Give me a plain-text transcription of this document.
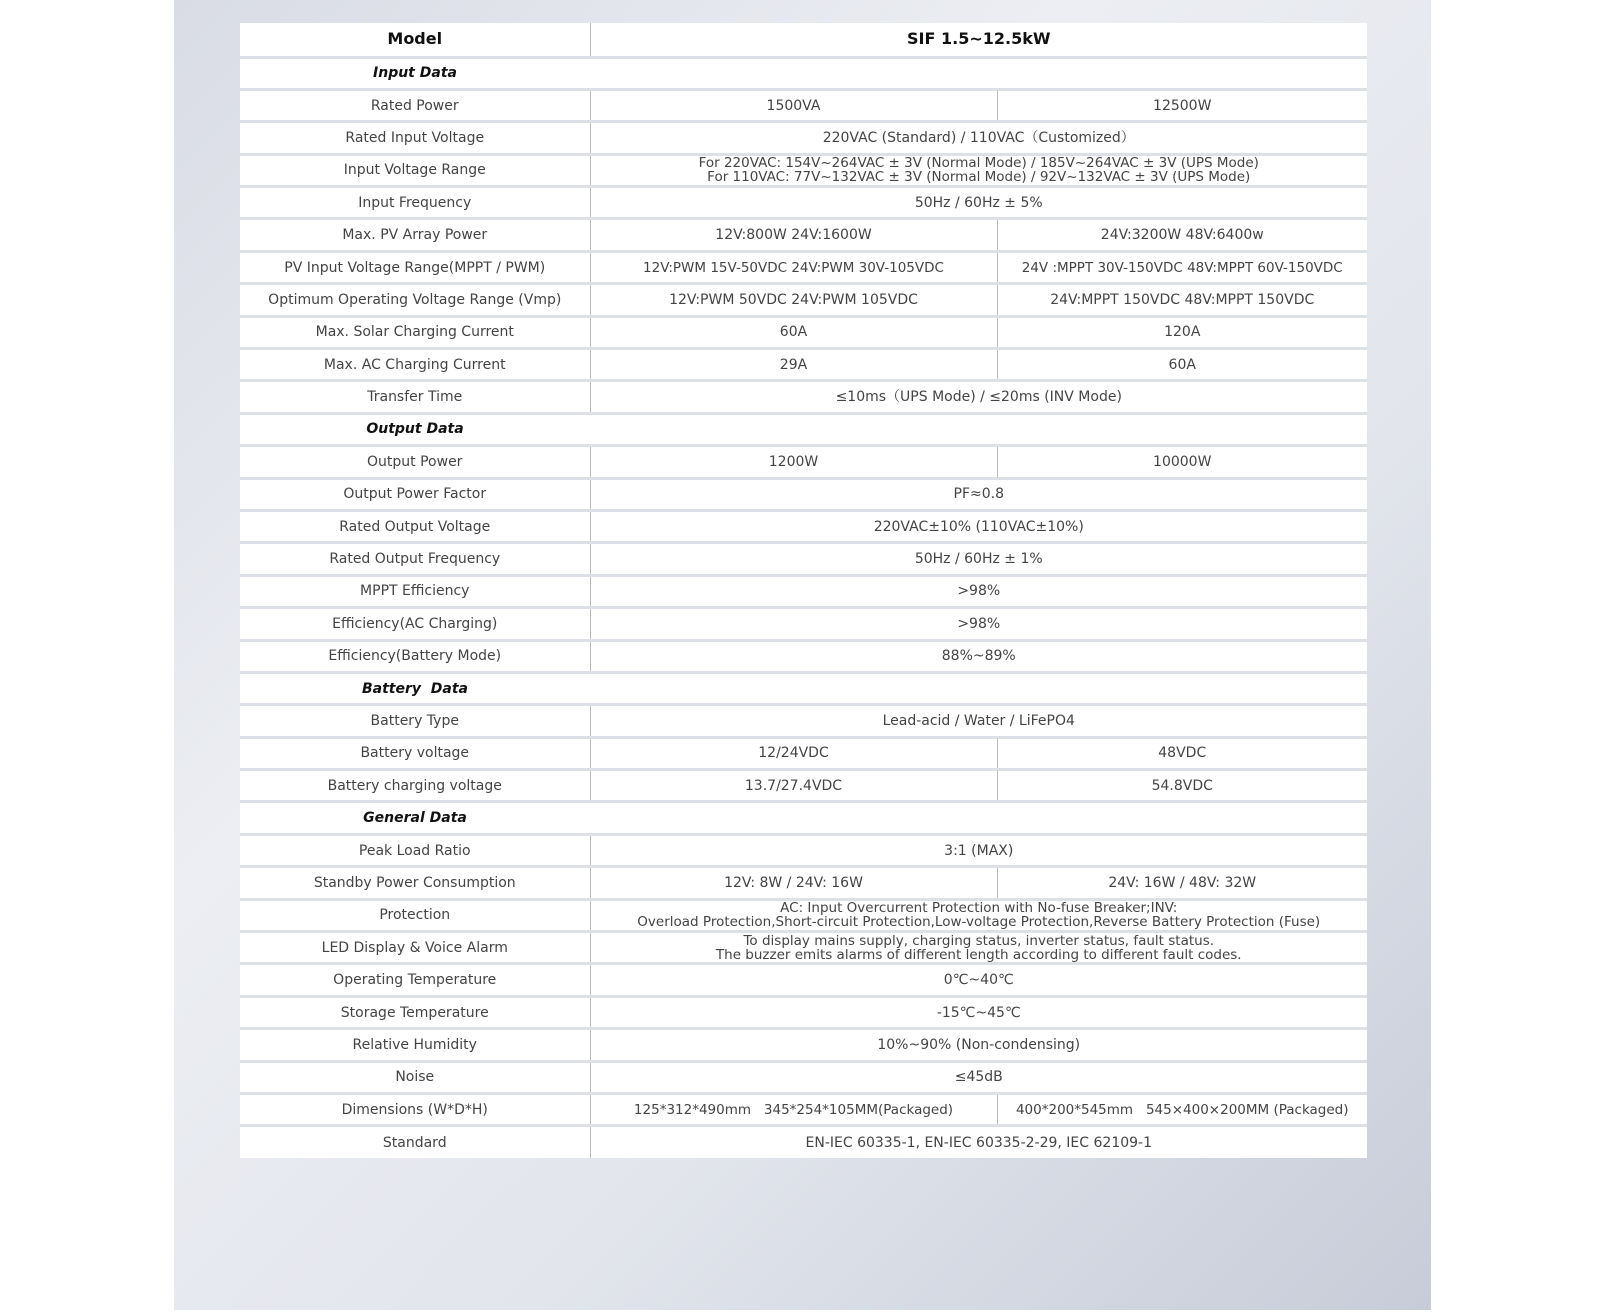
Model	SIF 1.5~12.5kW	
Input Data		
Rated Power	1500VA	12500W
Rated Input Voltage	220VAC (Standard) / 110VAC（Customized）	
Input Voltage Range	For 220VAC: 154V~264VAC ± 3V (Normal Mode) / 185V~264VAC ± 3V (UPS Mode)
For 110VAC: 77V~132VAC ± 3V (Normal Mode) / 92V~132VAC ± 3V (UPS Mode)	

Input Frequency	50Hz / 60Hz ± 5%	
Max. PV Array Power	12V:800W 24V:1600W	24V:3200W 48V:6400w
PV Input Voltage Range(MPPT / PWM)	12V:PWM 15V-50VDC 24V:PWM 30V-105VDC	24V :MPPT 30V-150VDC 48V:MPPT 60V-150VDC
Optimum Operating Voltage Range (Vmp)	12V:PWM 50VDC 24V:PWM 105VDC	24V:MPPT 150VDC 48V:MPPT 150VDC
Max. Solar Charging Current	60A	120A
Max. AC Charging Current	29A	60A
Transfer Time	≤10ms（UPS Mode) / ≤20ms (INV Mode)	
Output Data		
Output Power	1200W	10000W
Output Power Factor	PF≈0.8	
Rated Output Voltage	220VAC±10% (110VAC±10%)	
Rated Output Frequency	50Hz / 60Hz ± 1%	
MPPT Efficiency	>98%	
Efficiency(AC Charging)	>98%	
Efficiency(Battery Mode)	88%~89%	
Battery  Data		
Battery Type	Lead-acid / Water / LiFePO4	
Battery voltage	12/24VDC	48VDC
Battery charging voltage	13.7/27.4VDC	54.8VDC
General Data		
Peak Load Ratio	3:1 (MAX)	
Standby Power Consumption	12V: 8W / 24V: 16W	24V: 16W / 48V: 32W
Protection	AC: Input Overcurrent Protection with No-fuse Breaker;INV:
Overload Protection,Short-circuit Protection,Low-voltage Protection,Reverse Battery Protection (Fuse)	

LED Display & Voice Alarm	To display mains supply, charging status, inverter status, fault status.
The buzzer emits alarms of different length according to different fault codes.	

Operating Temperature	0℃~40℃	
Storage Temperature	-15℃~45℃	
Relative Humidity	10%~90% (Non-condensing)	
Noise	≤45dB	
Dimensions (W*D*H)	125*312*490mm   345*254*105MM(Packaged)	400*200*545mm   545×400×200MM (Packaged)
Standard	EN-IEC 60335-1, EN-IEC 60335-2-29, IEC 62109-1	
